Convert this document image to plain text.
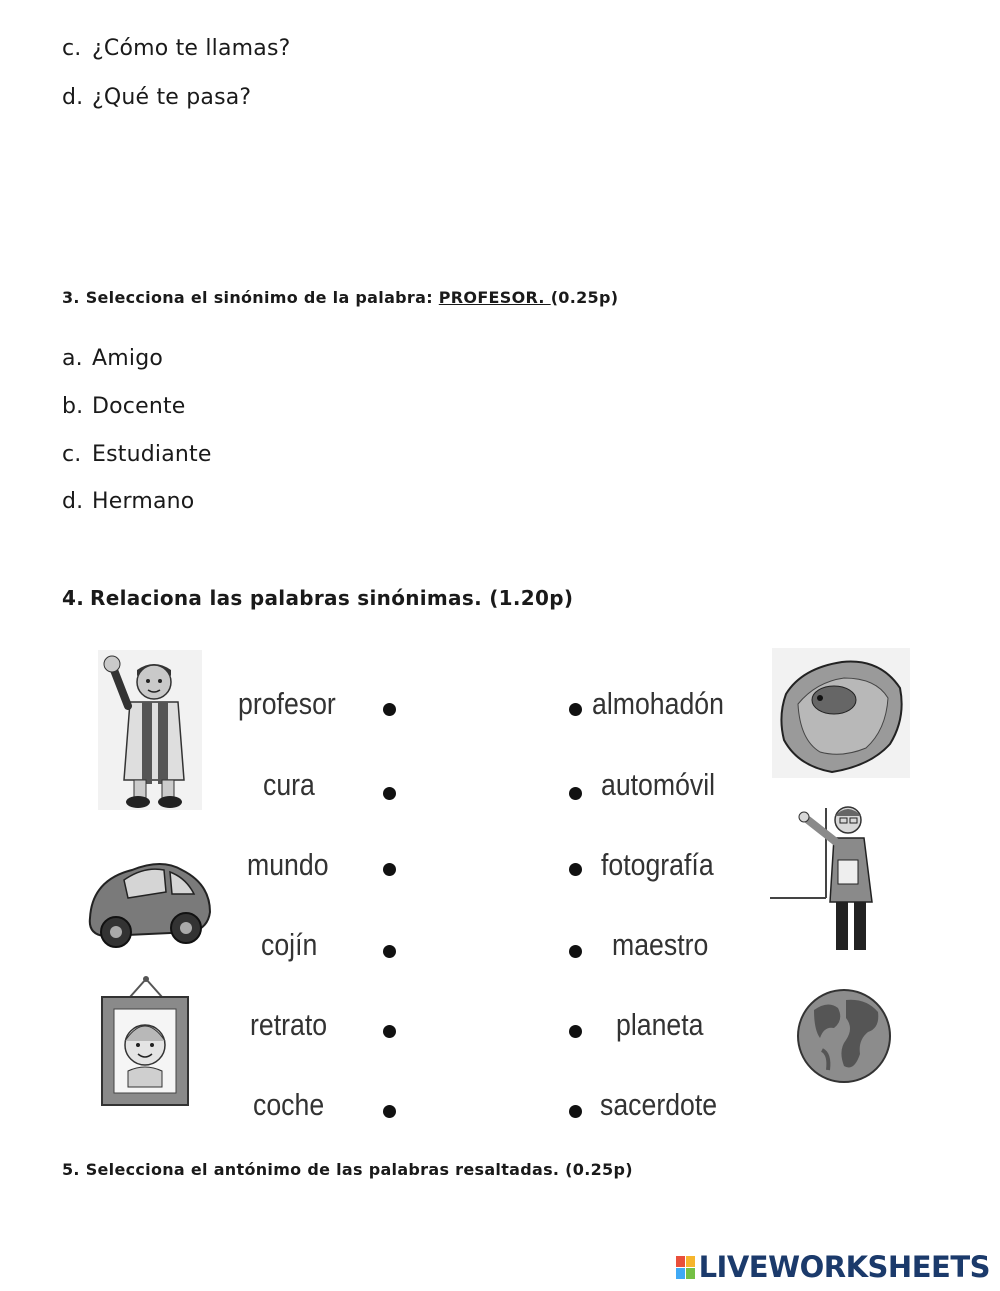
c. ¿Cómo te llamas?
d. ¿Qué te pasa?
3. Selecciona el sinónimo de la palabra: PROFESOR. (0.25p)
a. Amigo
b. Docente
c. Estudiante
d. Hermano
4. Relaciona las palabras sinónimas. (1.20p)
profesor
cura
mundo
cojín
retrato
coche
almohadón
automóvil
fotografía
maestro
planeta
sacerdote
5. Selecciona el antónimo de las palabras resaltadas. (0.25p)
LIVEWORKSHEETS
